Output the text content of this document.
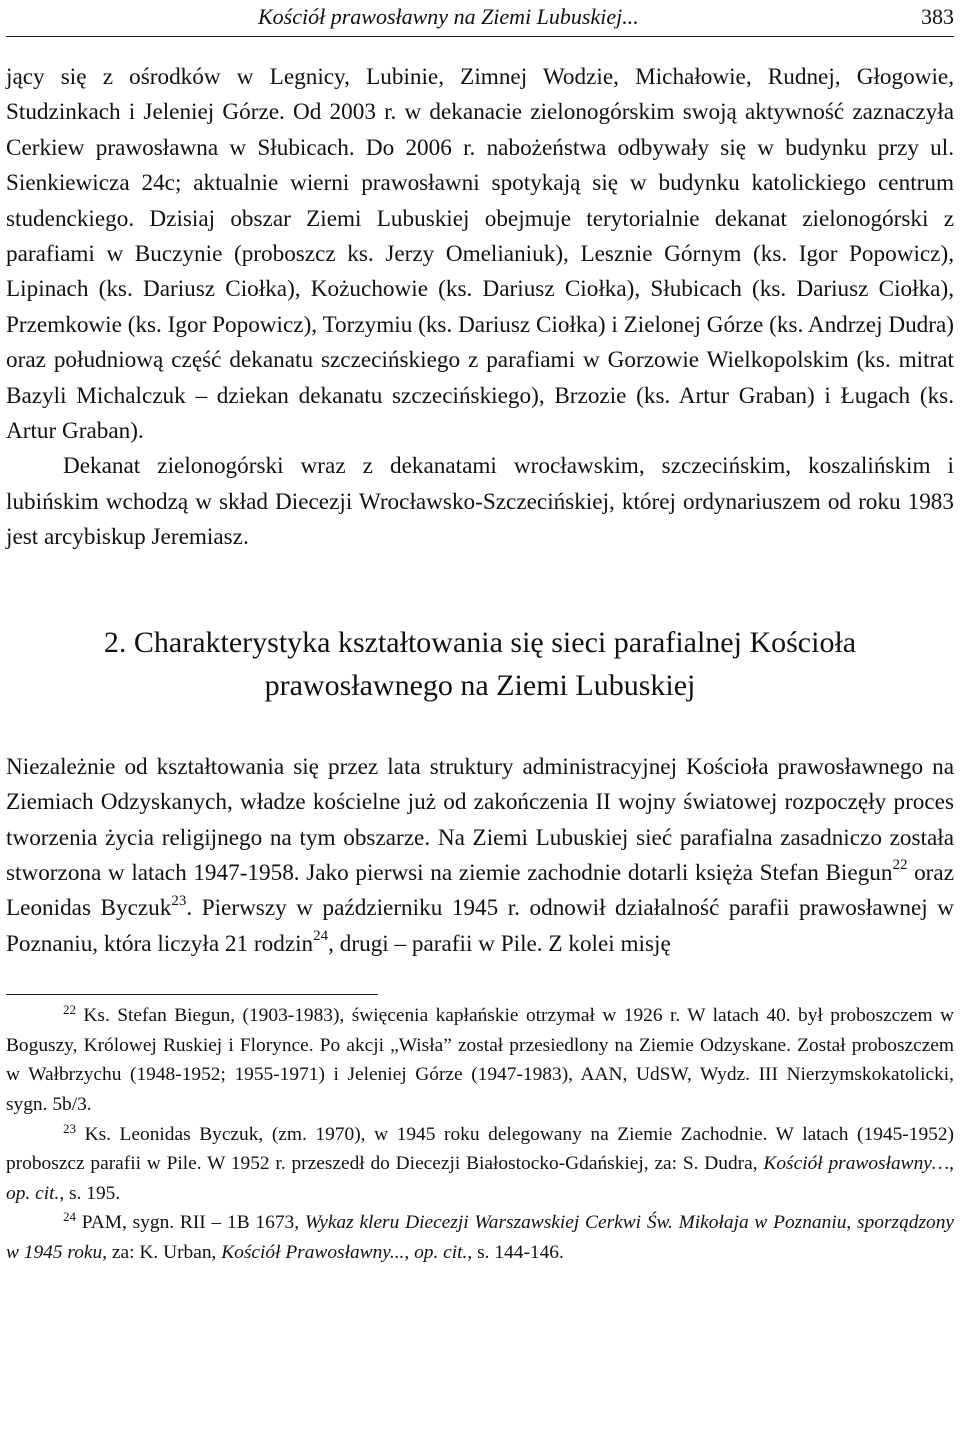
Kościół prawosławny na Ziemi Lubuskiej...	383

jący się z ośrodków w Legnicy, Lubinie, Zimnej Wodzie, Michałowie, Rudnej, Głogowie, Studzinkach i Jeleniej Górze. Od 2003 r. w dekanacie zielonogórskim swoją aktywność zaznaczyła Cerkiew prawosławna w Słubicach. Do 2006 r. nabożeństwa odbywały się w budynku przy ul. Sienkiewicza 24c; aktualnie wierni prawosławni spotykają się w budynku katolickiego centrum studenckiego. Dzisiaj obszar Ziemi Lubuskiej obejmuje terytorialnie dekanat zielonogórski z parafiami w Buczynie (proboszcz ks. Jerzy Omelianiuk), Lesznie Górnym (ks. Igor Popowicz), Lipinach (ks. Dariusz Ciołka), Kożuchowie (ks. Dariusz Ciołka), Słubicach (ks. Dariusz Ciołka), Przemkowie (ks. Igor Popowicz), Torzymiu (ks. Dariusz Ciołka) i Zielonej Górze (ks. Andrzej Dudra) oraz południową część dekanatu szczecińskiego z parafiami w Gorzowie Wielkopolskim (ks. mitrat Bazyli Michalczuk – dziekan dekanatu szczecińskiego), Brzozie (ks. Artur Graban) i Ługach (ks. Artur Graban).

Dekanat zielonogórski wraz z dekanatami wrocławskim, szczecińskim, koszalińskim i lubińskim wchodzą w skład Diecezji Wrocławsko-Szczecińskiej, której ordynariuszem od roku 1983 jest arcybiskup Jeremiasz.

2. Charakterystyka kształtowania się sieci parafialnej Kościoła
prawosławnego na Ziemi Lubuskiej

Niezależnie od kształtowania się przez lata struktury administracyjnej Kościoła prawosławnego na Ziemiach Odzyskanych, władze kościelne już od zakończenia II wojny światowej rozpoczęły proces tworzenia życia religijnego na tym obszarze. Na Ziemi Lubuskiej sieć parafialna zasadniczo została stworzona w latach 1947-1958. Jako pierwsi na ziemie zachodnie dotarli księża Stefan Biegun$^{22}$ oraz Leonidas Byczuk$^{23}$. Pierwszy w październiku 1945 r. odnowił działalność parafii prawosławnej w Poznaniu, która liczyła 21 rodzin$^{24}$, drugi – parafii w Pile. Z kolei misję

$^{22}$ Ks. Stefan Biegun, (1903-1983), święcenia kapłańskie otrzymał w 1926 r. W latach 40. był proboszczem w Boguszy, Królowej Ruskiej i Florynce. Po akcji „Wisła” został przesiedlony na Ziemie Odzyskane. Został proboszczem w Wałbrzychu (1948-1952; 1955-1971) i Jeleniej Górze (1947-1983), AAN, UdSW, Wydz. III Nierzymskokatolicki, sygn. 5b/3.

$^{23}$ Ks. Leonidas Byczuk, (zm. 1970), w 1945 roku delegowany na Ziemie Zachodnie. W latach (1945-1952) proboszcz parafii w Pile. W 1952 r. przeszedł do Diecezji Białostocko-Gdańskiej, za: S. Dudra, Kościół prawosławny…, op. cit., s. 195.

$^{24}$ PAM, sygn. RII – 1B 1673, Wykaz kleru Diecezji Warszawskiej Cerkwi Św. Mikołaja w Poznaniu, sporządzony w 1945 roku, za: K. Urban, Kościół Prawosławny..., op. cit., s. 144-146.
